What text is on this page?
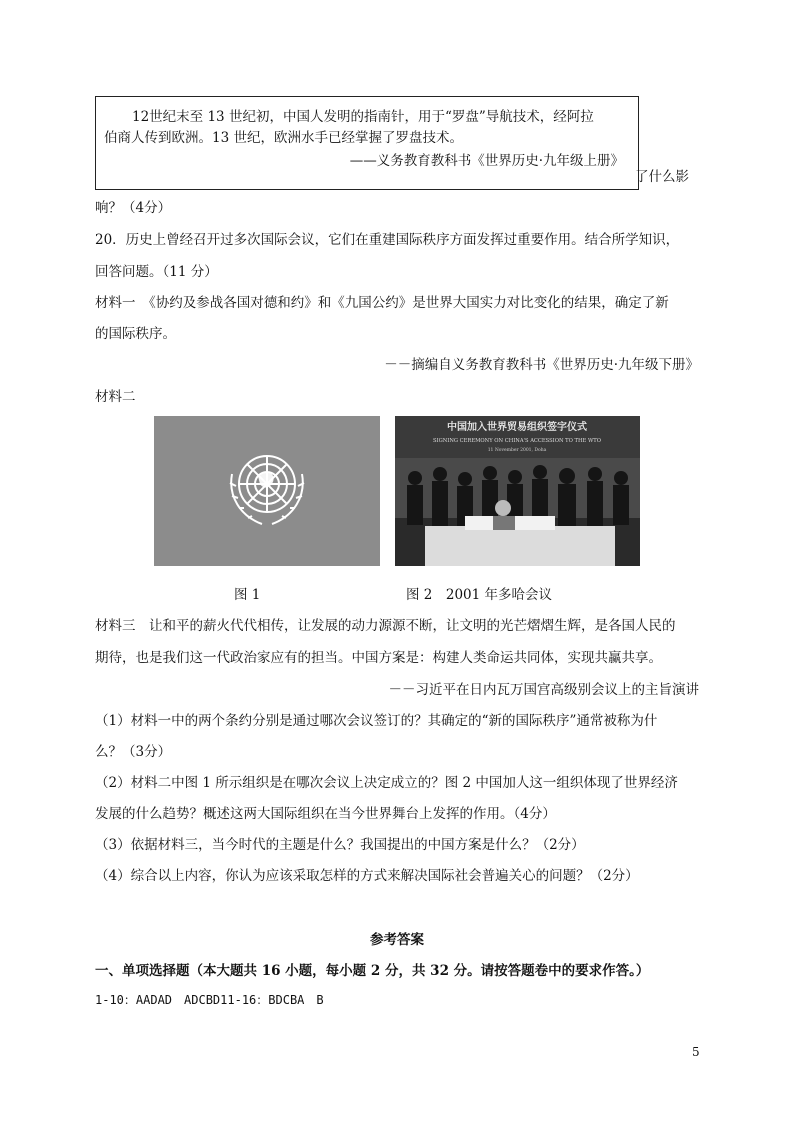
12世纪末至 13 世纪初，中国人发明的指南针，用于“罗盘”导航技术，经阿拉
伯商人传到欧洲。13 世纪，欧洲水手已经掌握了罗盘技术。
——义务教育教科书《世界历史·九年级上册》
了什么影
响？（4分）
20．历史上曾经召开过多次国际会议，它们在重建国际秩序方面发挥过重要作用。结合所学知识，
回答问题。（11 分）
材料一　《协约及参战各国对德和约》和《九国公约》是世界大国实力对比变化的结果，确定了新
的国际秩序。
－－摘编自义务教育教科书《世界历史·九年级下册》
材料二
中国加入世界贸易组织签字仪式
SIGNING CEREMONY ON CHINA'S ACCESSION TO THE WTO
11 November 2001, Doha
图 1	图 2　2001 年多哈会议
材料三　让和平的薪火代代相传，让发展的动力源源不断，让文明的光芒熠熠生辉，是各国人民的
期待，也是我们这一代政治家应有的担当。中国方案是：构建人类命运共同体，实现共赢共享。
－－习近平在日内瓦万国宫高级别会议上的主旨演讲
（1）材料一中的两个条约分别是通过哪次会议签订的？其确定的“新的国际秩序”通常被称为什
么？（3分）
（2）材料二中图 1 所示组织是在哪次会议上决定成立的？图 2 中国加人这一组织体现了世界经济
发展的什么趋势？概述这两大国际组织在当今世界舞台上发挥的作用。（4分）
（3）依据材料三，当今时代的主题是什么？我国提出的中国方案是什么？（2分）
（4）综合以上内容，你认为应该采取怎样的方式来解决国际社会普遍关心的问题？（2分）
参考答案
一、单项选择题（本大题共 16 小题，每小题 2 分，共 32 分。请按答题卷中的要求作答。）
1-10：AADAD　ADCBD11-16：BDCBA　B
5
